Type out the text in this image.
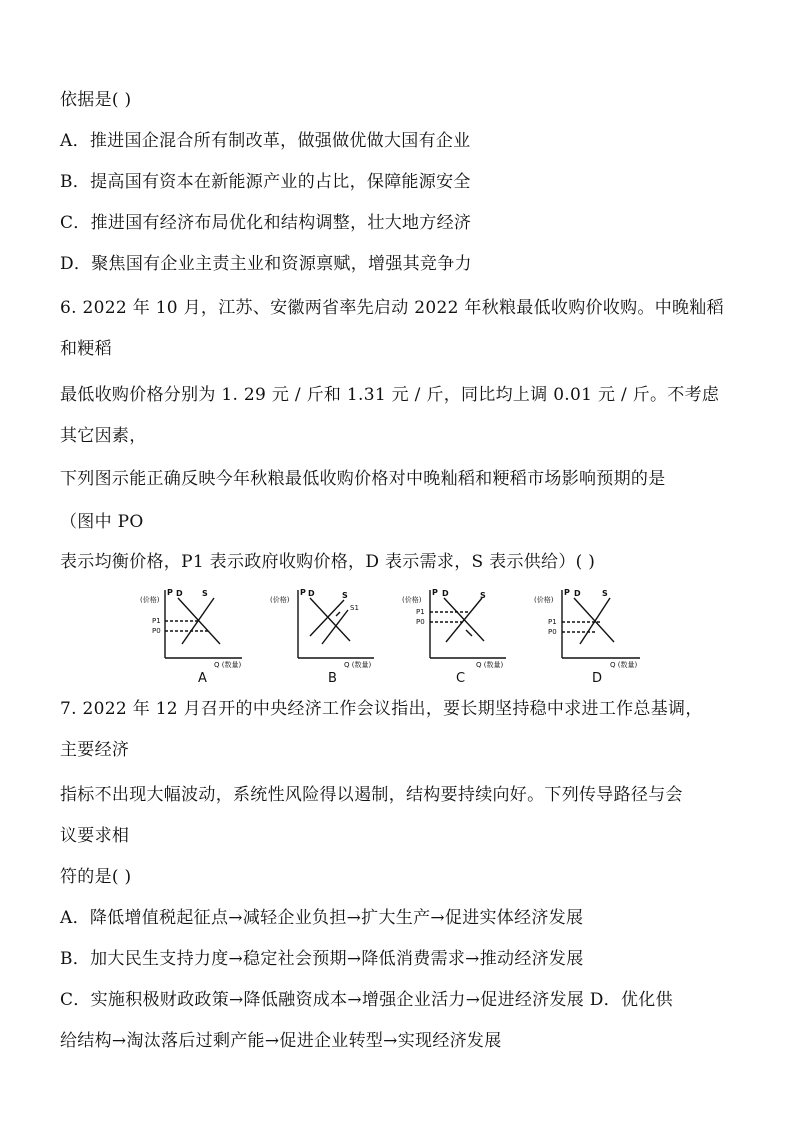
依据是( )
A．推进国企混合所有制改革，做强做优做大国有企业
B．提高国有资本在新能源产业的占比，保障能源安全
C．推进国有经济布局优化和结构调整，壮大地方经济
D．聚焦国有企业主责主业和资源禀赋，增强其竞争力
6. 2022 年 10 月，江苏、安徽两省率先启动 2022 年秋粮最低收购价收购。中晚籼稻
和粳稻
最低收购价格分别为 1. 29 元 / 斤和 1.31 元 / 斤，同比均上调 0.01 元 / 斤。不考虑
其它因素，
下列图示能正确反映今年秋粮最低收购价格对中晚籼稻和粳稻市场影响预期的是
（图中 PO
表示均衡价格，P1 表示政府收购价格，D 表示需求，S 表示供给）( )
P
(价格)
D S
P1
P0
Q (数量)
A
P
(价格)
D	S
S1
Q (数量)
B
P
(价格)
D	S
P1
P0
Q (数量)
C
P
(价格)
D	S
P1
P0
Q (数量)
D
7. 2022 年 12 月召开的中央经济工作会议指出，要长期坚持稳中求进工作总基调，
主要经济
指标不出现大幅波动，系统性风险得以遏制，结构要持续向好。下列传导路径与会
议要求相
符的是( )
A．降低增值税起征点→减轻企业负担→扩大生产→促进实体经济发展
B．加大民生支持力度→稳定社会预期→降低消费需求→推动经济发展
C．实施积极财政政策→降低融资成本→增强企业活力→促进经济发展 D．优化供
给结构→淘汰落后过剩产能→促进企业转型→实现经济发展
